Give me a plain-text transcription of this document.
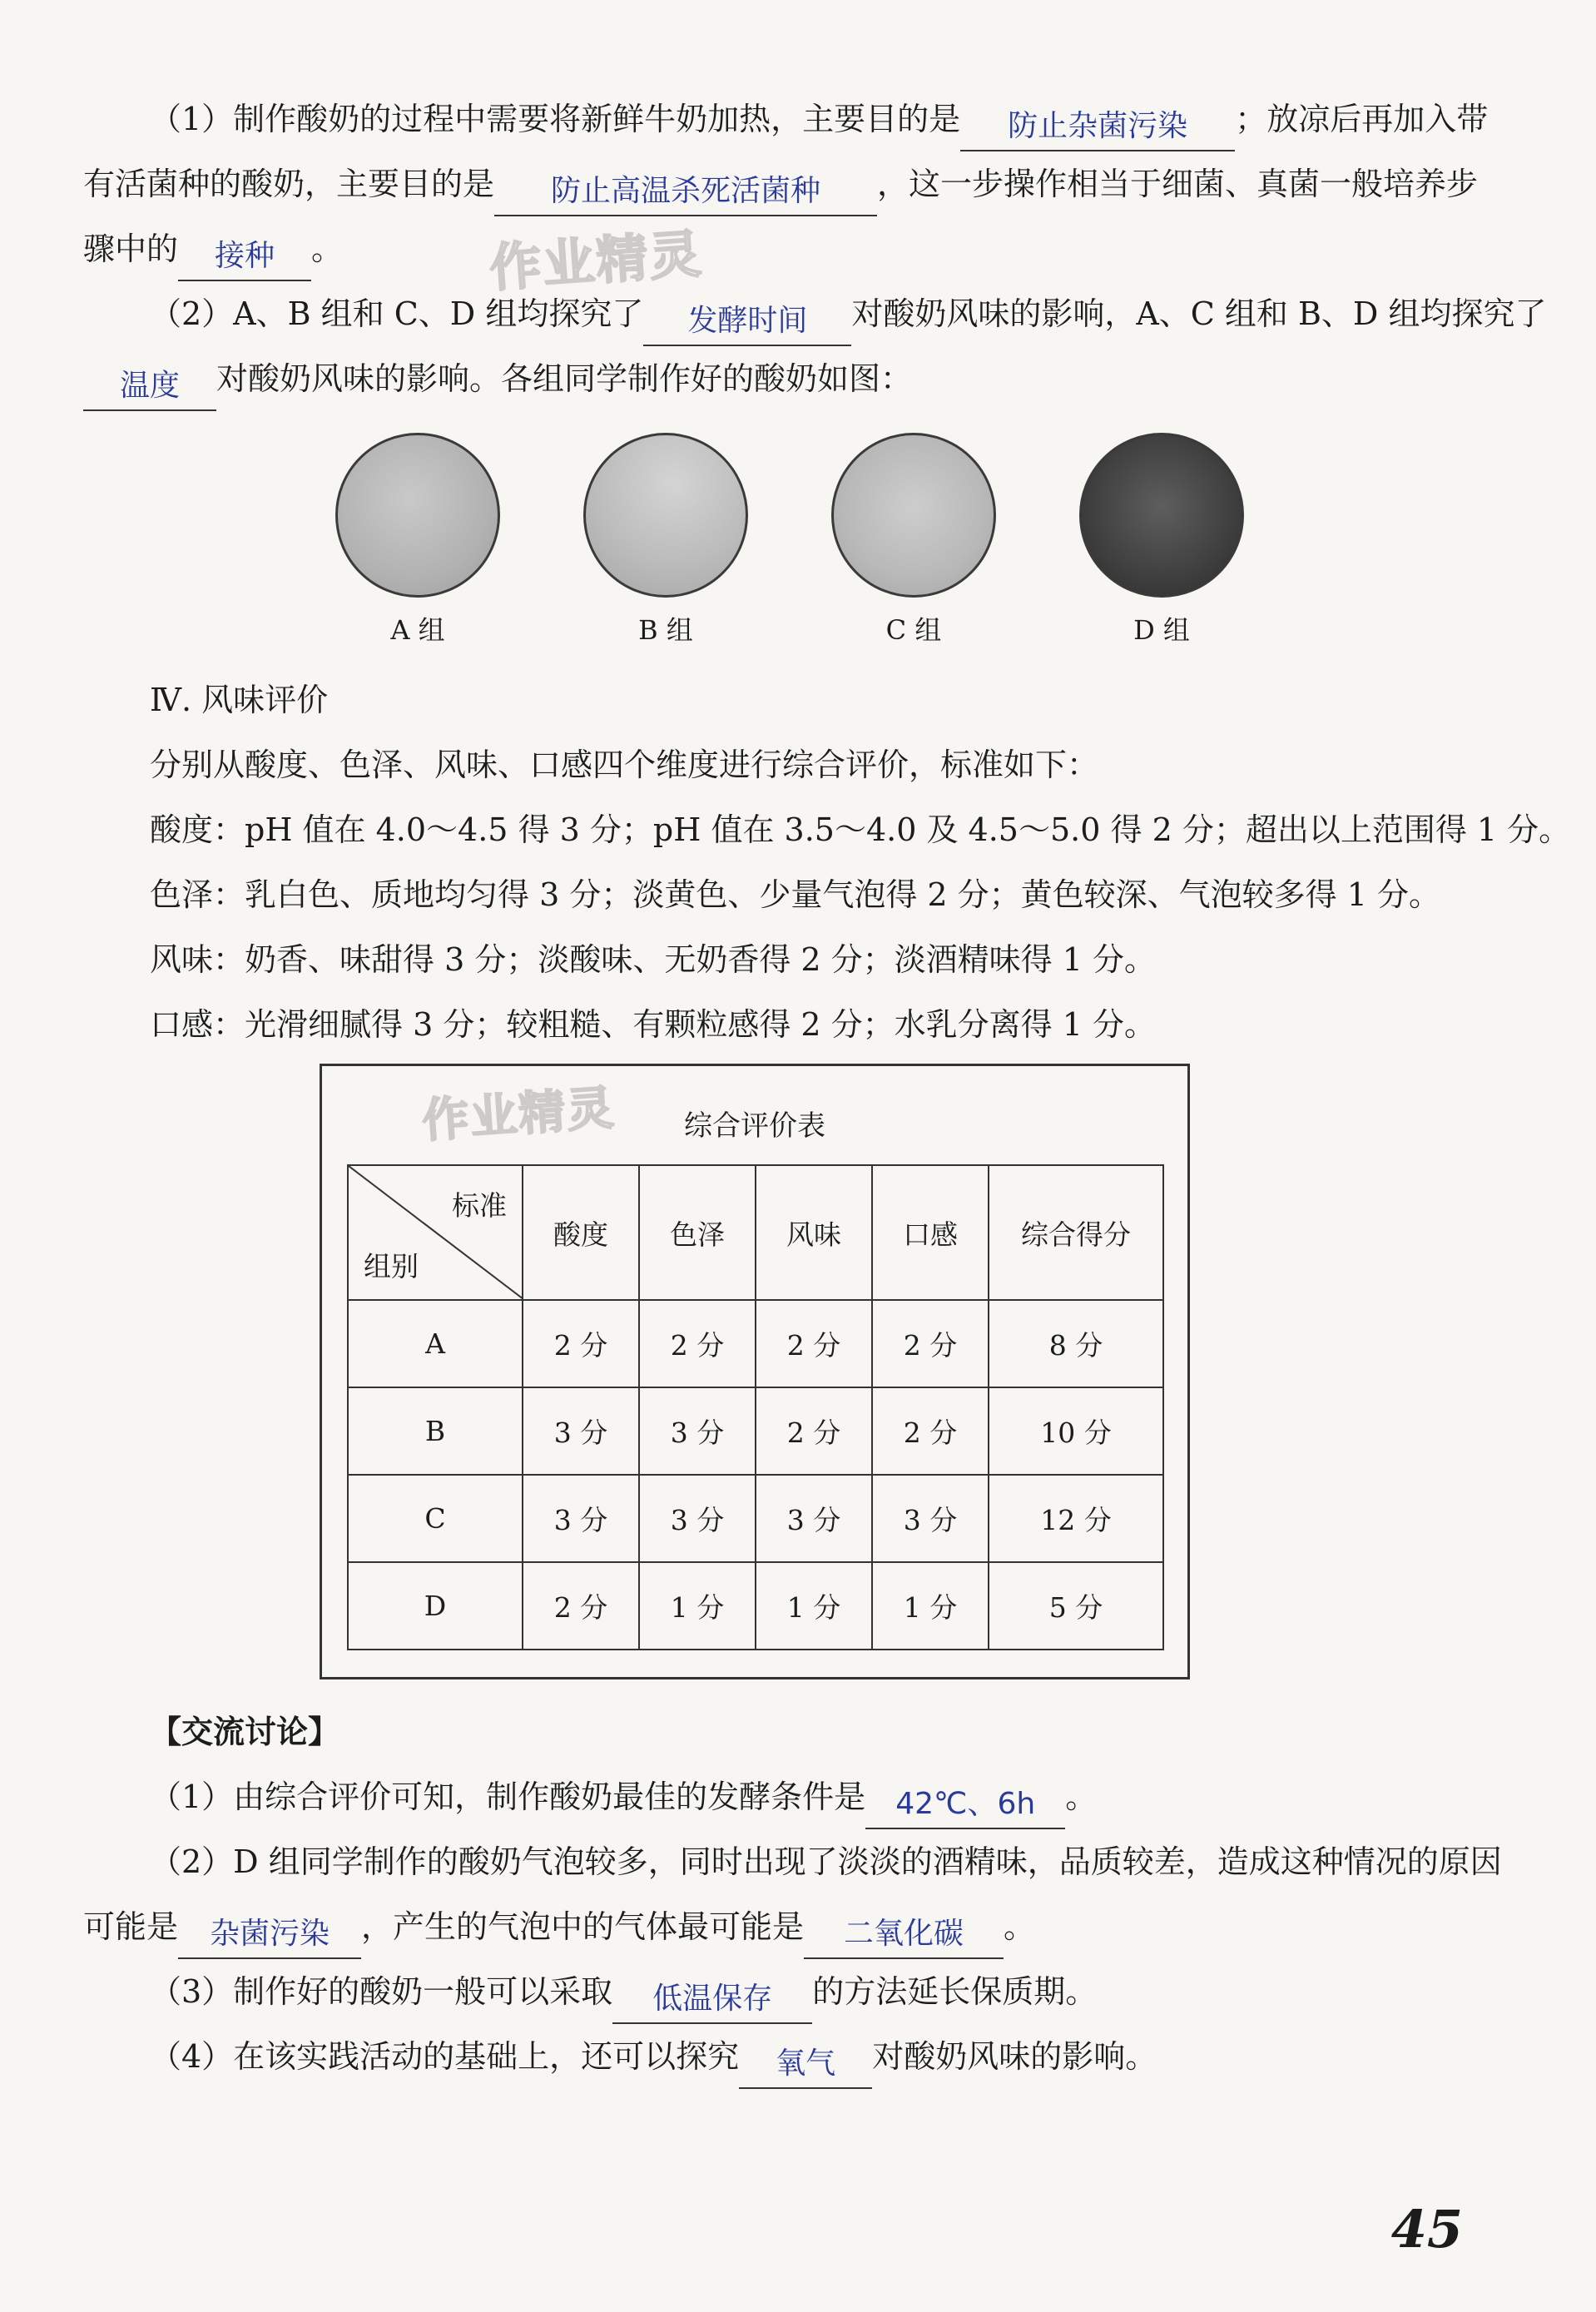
（1）制作酸奶的过程中需要将新鲜牛奶加热，主要目的是	防止杂菌污染	；放凉后再加入带
有活菌种的酸奶，主要目的是	防止高温杀死活菌种	，这一步操作相当于细菌、真菌一般培养步
骤中的	接种	。	作业精灵
（2）A、B 组和 C、D 组均探究了	发酵时间	对酸奶风味的影响，A、C 组和 B、D 组均探究了
温度	对酸奶风味的影响。各组同学制作好的酸奶如图：
A 组	B 组	C 组	D 组
Ⅳ. 风味评价
分别从酸度、色泽、风味、口感四个维度进行综合评价，标准如下：
酸度：pH 值在 4.0～4.5 得 3 分；pH 值在 3.5～4.0 及 4.5～5.0 得 2 分；超出以上范围得 1 分。
色泽：乳白色、质地均匀得 3 分；淡黄色、少量气泡得 2 分；黄色较深、气泡较多得 1 分。
风味：奶香、味甜得 3 分；淡酸味、无奶香得 2 分；淡酒精味得 1 分。
口感：光滑细腻得 3 分；较粗糙、有颗粒感得 2 分；水乳分离得 1 分。
作业精灵	综合评价表
标准
组别	酸度	色泽	风味	口感	综合得分
A	2 分	2 分	2 分	2 分	8 分
B	3 分	3 分	2 分	2 分	10 分
C	3 分	3 分	3 分	3 分	12 分
D	2 分	1 分	1 分	1 分	5 分
【交流讨论】
（1）由综合评价可知，制作酸奶最佳的发酵条件是	42℃、6h 。
（2）D 组同学制作的酸奶气泡较多，同时出现了淡淡的酒精味，品质较差，造成这种情况的原因
可能是	杂菌污染	，产生的气泡中的气体最可能是	二氧化碳	。
（3）制作好的酸奶一般可以采取	低温保存	的方法延长保质期。
（4）在该实践活动的基础上，还可以探究	氧气	对酸奶风味的影响。
45
